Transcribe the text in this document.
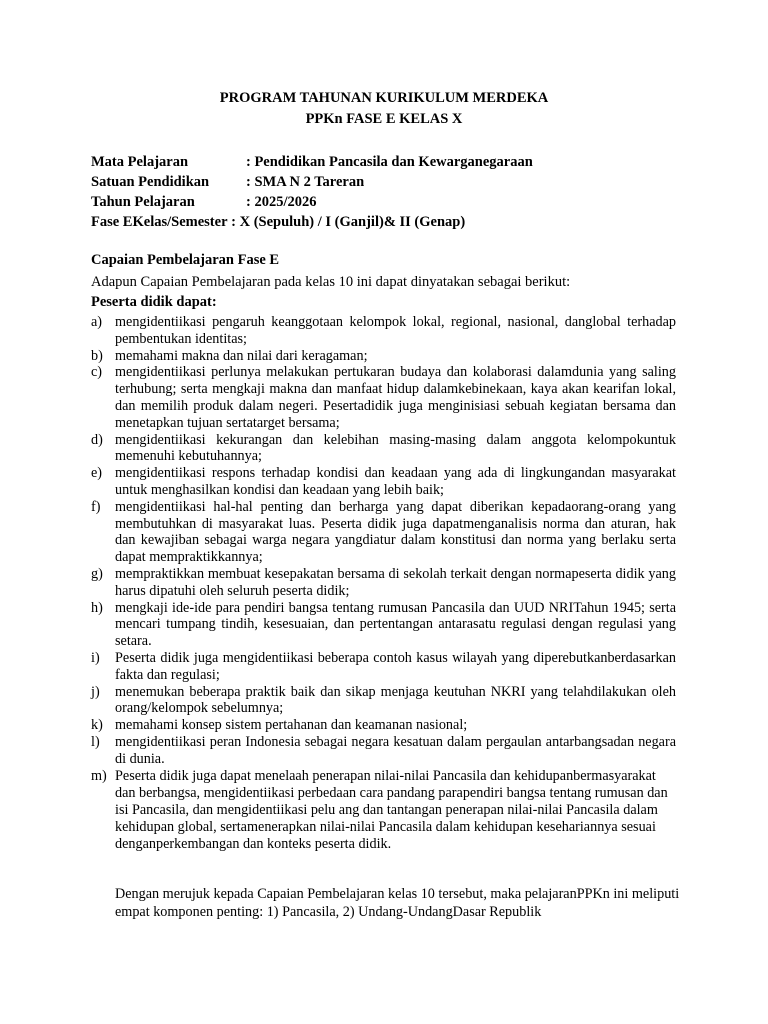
PROGRAM TAHUNAN KURIKULUM MERDEKA
PPKn FASE E KELAS X
Mata Pelajaran	: Pendidikan Pancasila dan Kewarganegaraan
Satuan Pendidikan	: SMA N 2 Tareran
Tahun Pelajaran	: 2025/2026
Fase EKelas/Semester : X (Sepuluh) / I (Ganjil)& II (Genap)
Capaian Pembelajaran Fase E
Adapun Capaian Pembelajaran pada kelas 10 ini dapat dinyatakan sebagai berikut:
Peserta didik dapat:
a) mengidentiikasi pengaruh keanggotaan kelompok lokal, regional, nasional, danglobal terhadap pembentukan identitas;
b) memahami makna dan nilai dari keragaman;
c) mengidentiikasi perlunya melakukan pertukaran budaya dan kolaborasi dalamdunia yang saling terhubung; serta mengkaji makna dan manfaat hidup dalamkebinekaan, kaya akan kearifan lokal, dan memilih produk dalam negeri. Pesertadidik juga menginisiasi sebuah kegiatan bersama dan menetapkan tujuan sertatarget bersama;
d) mengidentiikasi kekurangan dan kelebihan masing-masing dalam anggota kelompokuntuk memenuhi kebutuhannya;
e) mengidentiikasi respons terhadap kondisi dan keadaan yang ada di lingkungandan masyarakat untuk menghasilkan kondisi dan keadaan yang lebih baik;
f) mengidentiikasi hal-hal penting dan berharga yang dapat diberikan kepadaorang-orang yang membutuhkan di masyarakat luas. Peserta didik juga dapatmenganalisis norma dan aturan, hak dan kewajiban sebagai warga negara yangdiatur dalam konstitusi dan norma yang berlaku serta dapat mempraktikkannya;
g) mempraktikkan membuat kesepakatan bersama di sekolah terkait dengan normapeserta didik yang harus dipatuhi oleh seluruh peserta didik;
h) mengkaji ide-ide para pendiri bangsa tentang rumusan Pancasila dan UUD NRITahun 1945; serta mencari tumpang tindih, kesesuaian, dan pertentangan antarasatu regulasi dengan regulasi yang setara.
i) Peserta didik juga mengidentiikasi beberapa contoh kasus wilayah yang diperebutkanberdasarkan fakta dan regulasi;
j) menemukan beberapa praktik baik dan sikap menjaga keutuhan NKRI yang telahdilakukan oleh orang/kelompok sebelumnya;
k) memahami konsep sistem pertahanan dan keamanan nasional;
l) mengidentiikasi peran Indonesia sebagai negara kesatuan dalam pergaulan antarbangsadan negara di dunia.
m) Peserta didik juga dapat menelaah penerapan nilai-nilai Pancasila dan kehidupanbermasyarakat dan berbangsa, mengidentiikasi perbedaan cara pandang parapendiri bangsa tentang rumusan dan isi Pancasila, dan mengidentiikasi pelu ang dan tantangan penerapan nilai-nilai Pancasila dalam kehidupan global, sertamenerapkan nilai-nilai Pancasila dalam kehidupan kesehariannya sesuai denganperkembangan dan konteks peserta didik.
Dengan merujuk kepada Capaian Pembelajaran kelas 10 tersebut, maka pelajaranPPKn ini meliputi empat komponen penting: 1) Pancasila, 2) Undang-UndangDasar Republik
